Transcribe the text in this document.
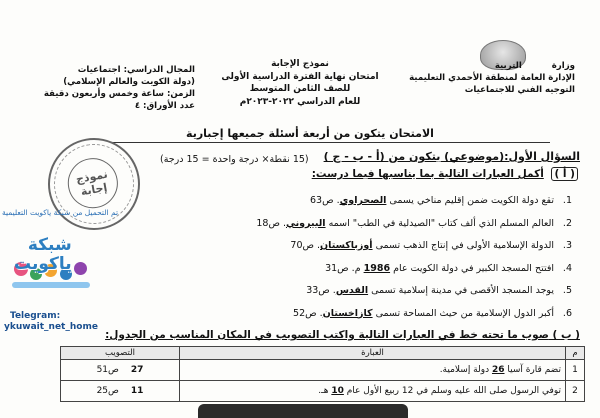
وزارة          التربية
الإدارة العامة لمنطقة الأحمدي التعليمية
التوجيه الفني للاجتماعيات
نموذج الإجابة
امتحان نهاية الفترة الدراسية الأولى
للصف الثامن المتوسط
للعام الدراسي ٢٠٢٢-٢٠٢٣م
المجال الدراسي: اجتماعيات
(دولة الكويت والعالم الإسلامي)
الزمن: ساعة وخمس وأربعون دقيقة
عدد الأوراق: ٤
الامتحان يتكون من أربعة أسئلة جميعها إجبارية
السؤال الأول:(موضوعي) يتكون من (أ - ب - ج )
(15 نقطة× درجة واحدة = 15 درجة)
( أ ) أكمل العبارات التالية بما يناسبها فيما درست:
1.تقع دولة الكويت ضمن إقليم مناخي يسمى الصحراوي. ص63
2.العالم المسلم الذي ألف كتاب "الصيدلية في الطب" اسمه البيروني. ص18
3.الدولة الإسلامية الأولى في إنتاج الذهب تسمى أوزباكستان. ص70
4.افتتح المسجد الكبير في دولة الكويت عام 1986 م. ص31
5.يوجد المسجد الأقصى في مدينة إسلامية تسمى القدس. ص33
6.أكبر الدول الإسلامية من حيث المساحة تسمى كازاخستان. ص52
( ب ) صوب ما تحته خط في العبارات التالية واكتب التصويب في المكان المناسب من الجدول:
م	العبارة	التصويب
1	تضم قارة آسيا 26 دولة إسلامية.	27ص51
2	توفي الرسول صلى الله عليه وسلم في 12 ربيع الأول عام 10 هـ.	11ص25
نموذج
إجابة
تم التحميل من شبكة ياكويت التعليمية
شبكة
ياكويت
Telegram:
ykuwait_net_home
